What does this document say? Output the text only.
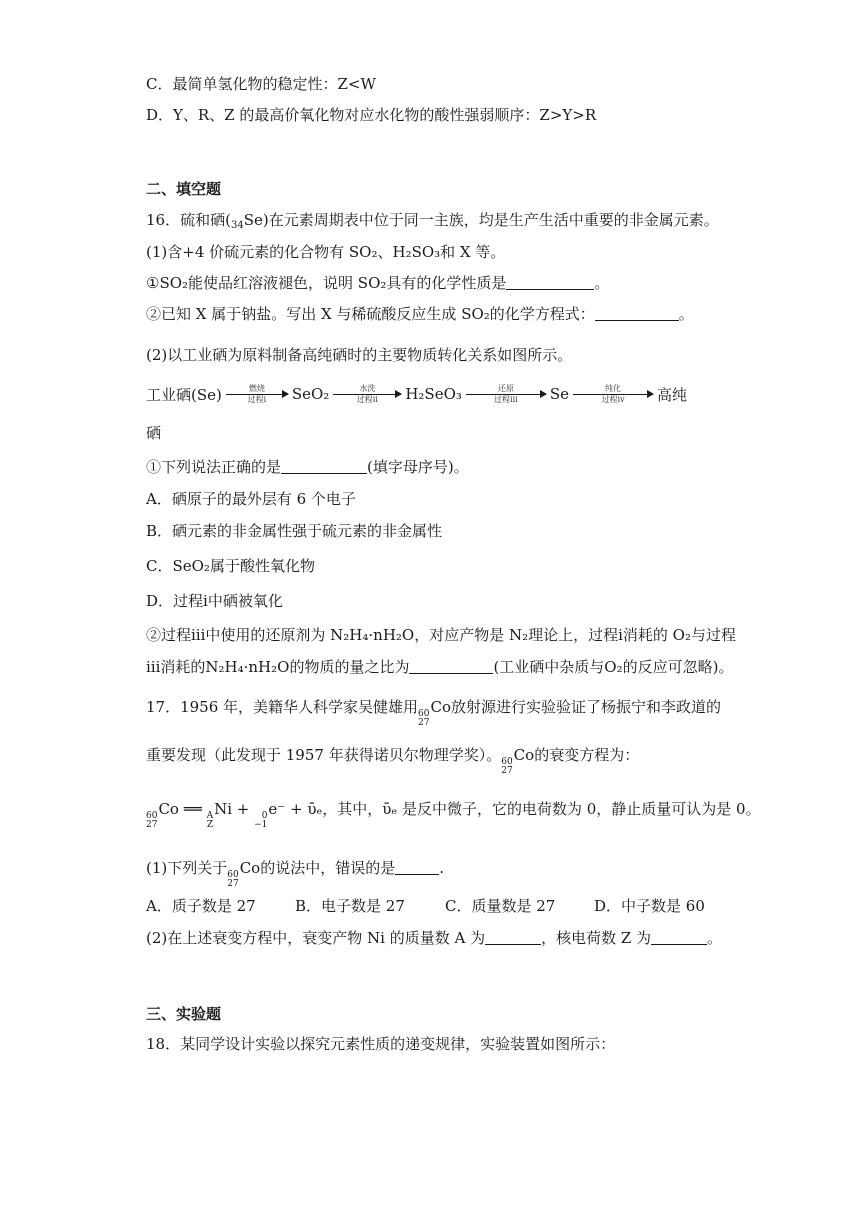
C．最简单氢化物的稳定性：Z<W
D．Y、R、Z 的最高价氧化物对应水化物的酸性强弱顺序：Z>Y>R
二、填空题
16．硫和硒$(_{34}Se)$在元素周期表中位于同一主族，均是生产生活中重要的非金属元素。
(1)含+4 价硫元素的化合物有 SO₂、H₂SO₃和 X 等。
①SO₂能使品红溶液褪色，说明 SO₂具有的化学性质是	。
②已知 X 属于钠盐。写出 X 与稀硫酸反应生成 SO₂的化学方程式：	。
(2)以工业硒为原料制备高纯硒时的主要物质转化关系如图所示。
工业硒(Se)	燃烧
过程ⅰ SeO₂	水洗
过程ⅱ H₂SeO₃	还原
过程ⅲ Se	纯化
过程ⅳ 高纯
硒
①下列说法正确的是	(填字母序号)。
A．硒原子的最外层有 6 个电子
B．硒元素的非金属性强于硫元素的非金属性
C．SeO₂属于酸性氧化物
D．过程ⅰ中硒被氧化
②过程ⅲ中使用的还原剂为 N₂H₄·nH₂O，对应产物是 N₂理论上，过程ⅰ消耗的 O₂与过程
ⅲ消耗的N₂H₄·nH₂O的物质的量之比为	(工业硒中杂质与O₂的反应可忽略)。
17．1956 年，美籍华人科学家吴健雄用 60
27
Co放射源进行实验验证了杨振宁和李政道的
重要发现（此发现于 1957 年获得诺贝尔物理学奖）。 60
27
Co的衰变方程为：
60
27
Co ══ A
Z
Ni + 0
−1
e⁻ + ῡₑ，其中，ῡₑ 是反中微子，它的电荷数为 0，静止质量可认为是 0。
(1)下列关于 60
27
Co的说法中，错误的是	.
A．质子数是 27	B．电子数是 27	C．质量数是 27	D．中子数是 60
(2)在上述衰变方程中，衰变产物 Ni 的质量数 A 为	，核电荷数 Z 为	。
三、实验题
18．某同学设计实验以探究元素性质的递变规律，实验装置如图所示：
